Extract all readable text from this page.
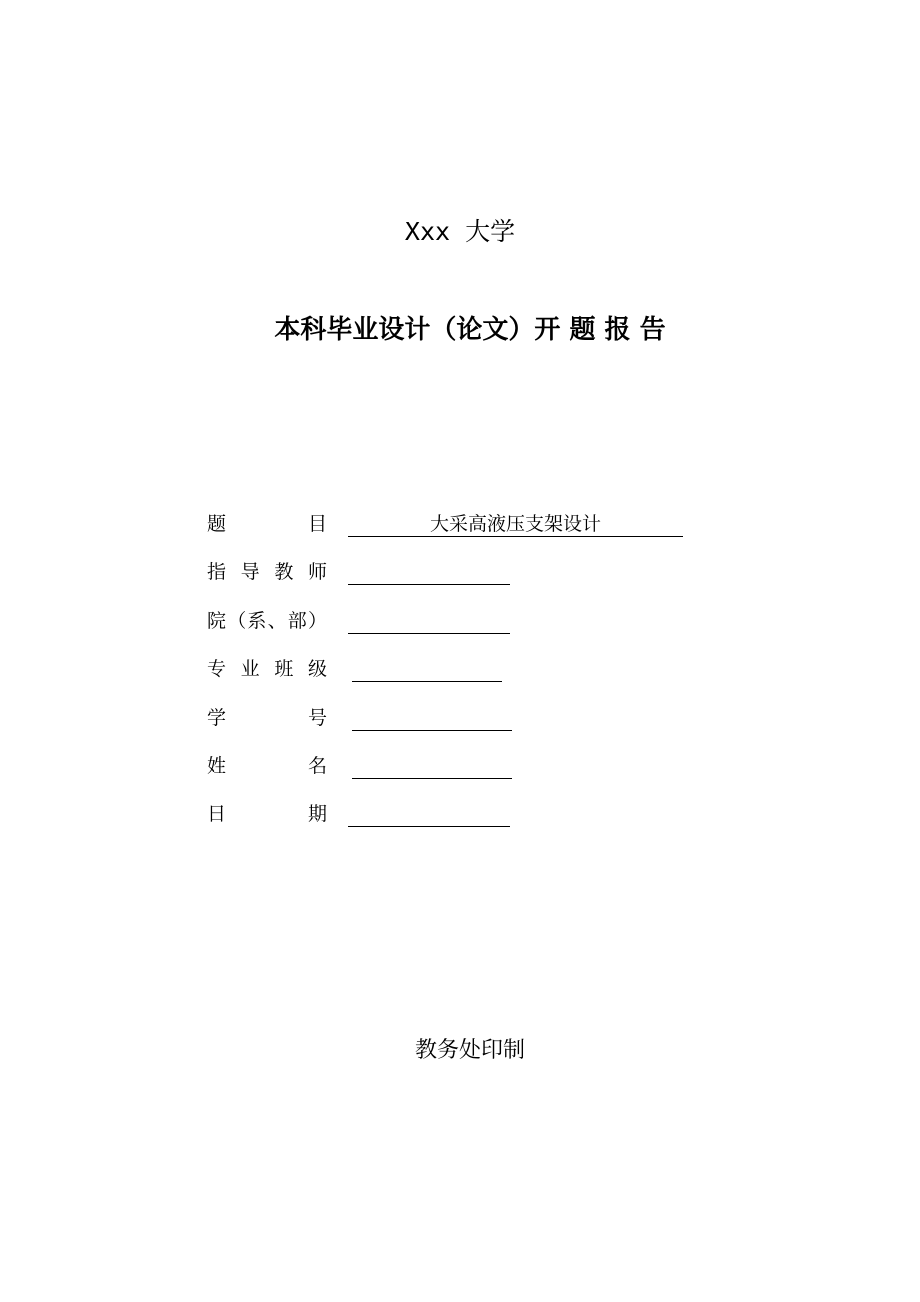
Xxx 大学
本科毕业设计（论文）开 题 报 告
题目	大采高液压支架设计
指导教师
院（系、部）
专业班级
学号
姓名
日期
教务处印制
